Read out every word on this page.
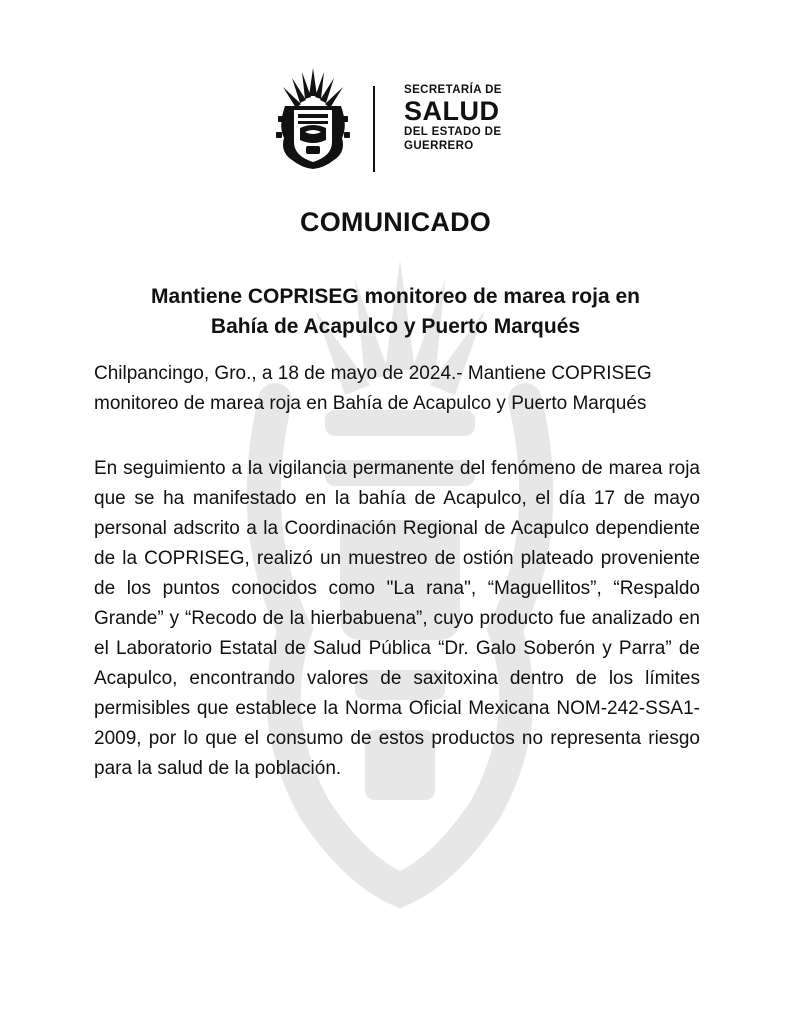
SECRETARÍA DE
SALUD
DEL ESTADO DE
GUERRERO
COMUNICADO
Mantiene COPRISEG monitoreo de marea roja en
Bahía de Acapulco y Puerto Marqués

Chilpancingo, Gro., a 18 de mayo de 2024.- Mantiene COPRISEG monitoreo de marea roja en Bahía de Acapulco y Puerto Marqués

En seguimiento a la vigilancia permanente del fenómeno de marea roja que se ha manifestado en la bahía de Acapulco, el día 17 de mayo personal adscrito a la Coordinación Regional de Acapulco dependiente de la COPRISEG, realizó un muestreo de ostión plateado proveniente de los puntos conocidos como "La rana", “Maguellitos”, “Respaldo Grande” y “Recodo de la hierbabuena”, cuyo producto fue analizado en el Laboratorio Estatal de Salud Pública “Dr. Galo Soberón y Parra” de Acapulco, encontrando valores de saxitoxina dentro de los límites permisibles que establece la Norma Oficial Mexicana NOM-242-SSA1-2009, por lo que el consumo de estos productos no representa riesgo para la salud de la población.
